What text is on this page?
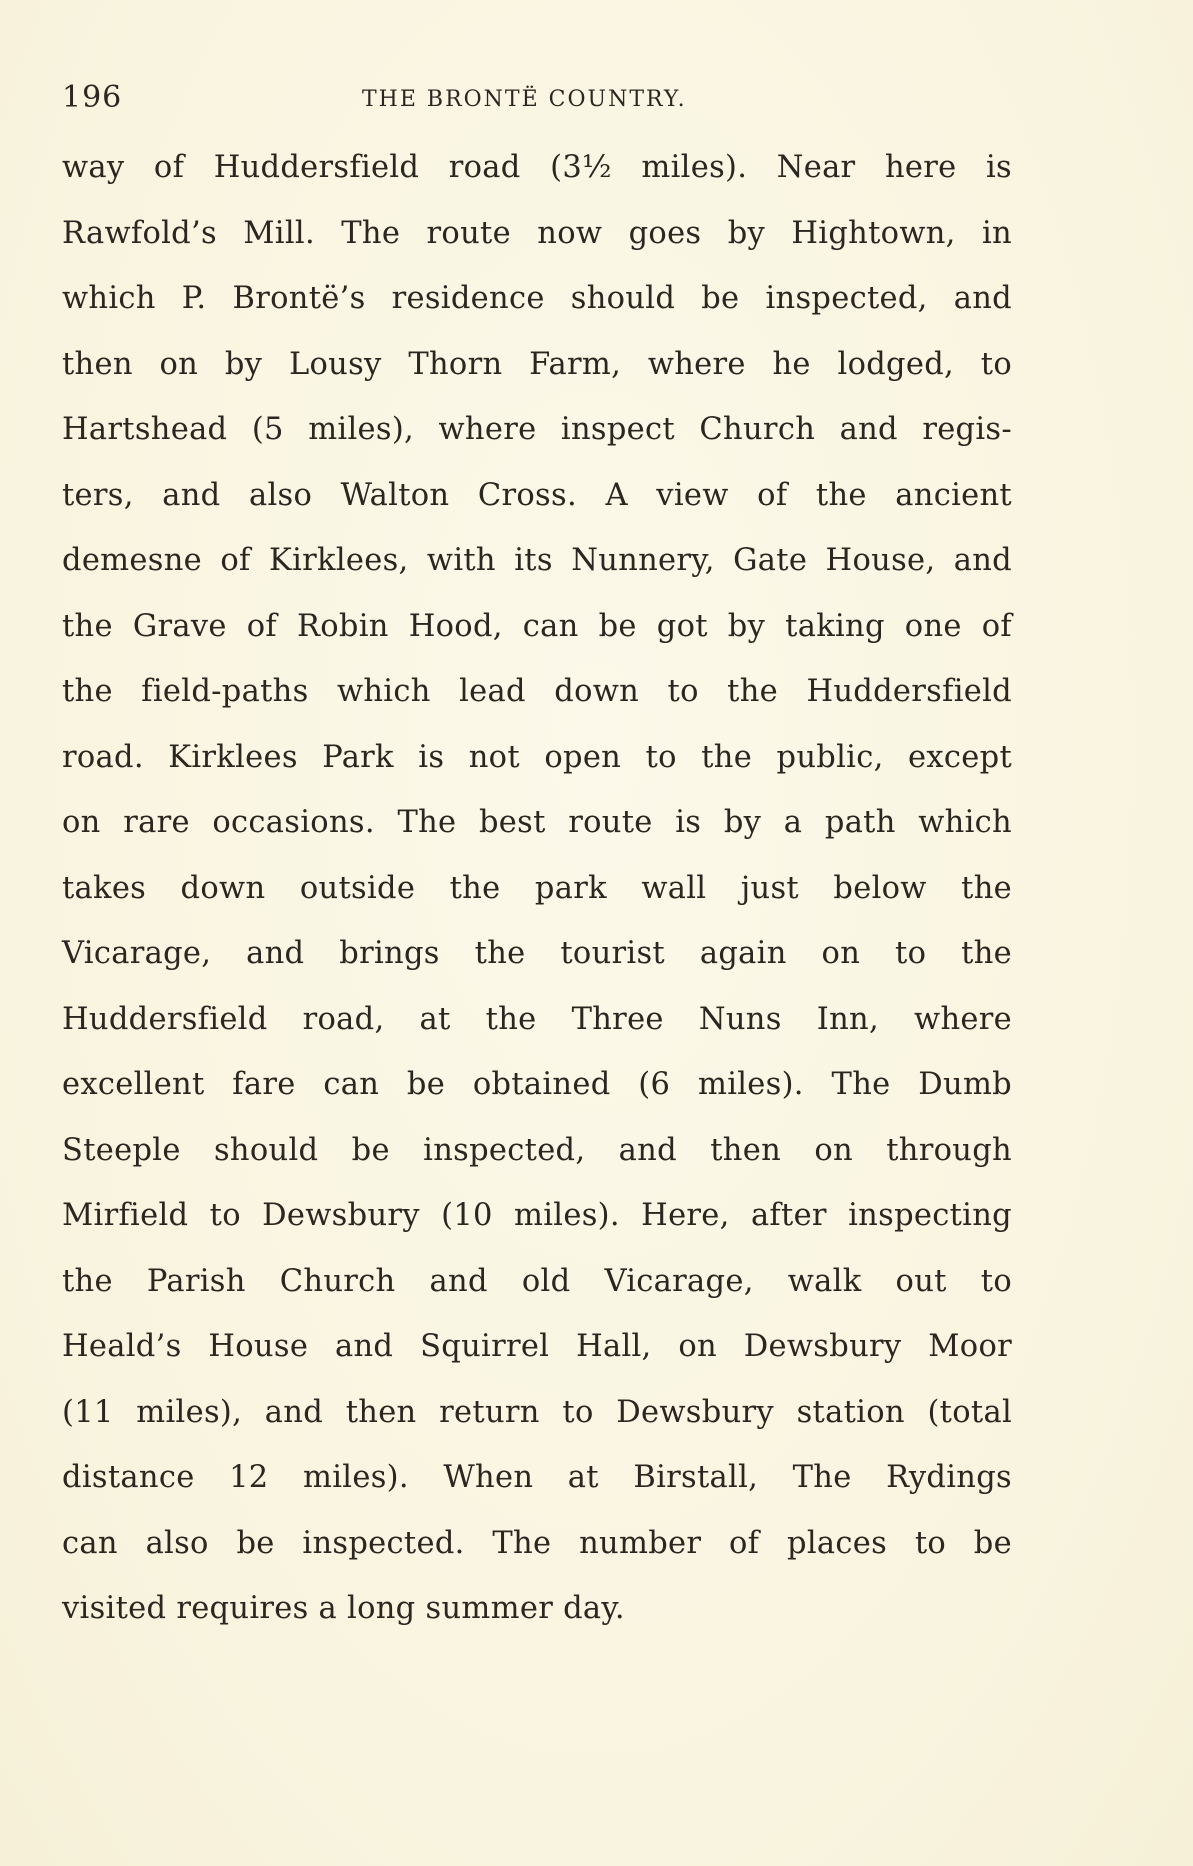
196	THE BRONTË COUNTRY.
way of Huddersfield road (3½ miles). Near here is
Rawfold’s Mill. The route now goes by Hightown, in
which P. Brontë’s residence should be inspected, and
then on by Lousy Thorn Farm, where he lodged, to
Hartshead (5 miles), where inspect Church and regis-
ters, and also Walton Cross. A view of the ancient
demesne of Kirklees, with its Nunnery, Gate House, and
the Grave of Robin Hood, can be got by taking one of
the field-paths which lead down to the Huddersfield
road. Kirklees Park is not open to the public, except
on rare occasions. The best route is by a path which
takes down outside the park wall just below the
Vicarage, and brings the tourist again on to the
Huddersfield road, at the Three Nuns Inn, where
excellent fare can be obtained (6 miles). The Dumb
Steeple should be inspected, and then on through
Mirfield to Dewsbury (10 miles). Here, after inspecting
the Parish Church and old Vicarage, walk out to
Heald’s House and Squirrel Hall, on Dewsbury Moor
(11 miles), and then return to Dewsbury station (total
distance 12 miles). When at Birstall, The Rydings
can also be inspected. The number of places to be
visited requires a long summer day.
